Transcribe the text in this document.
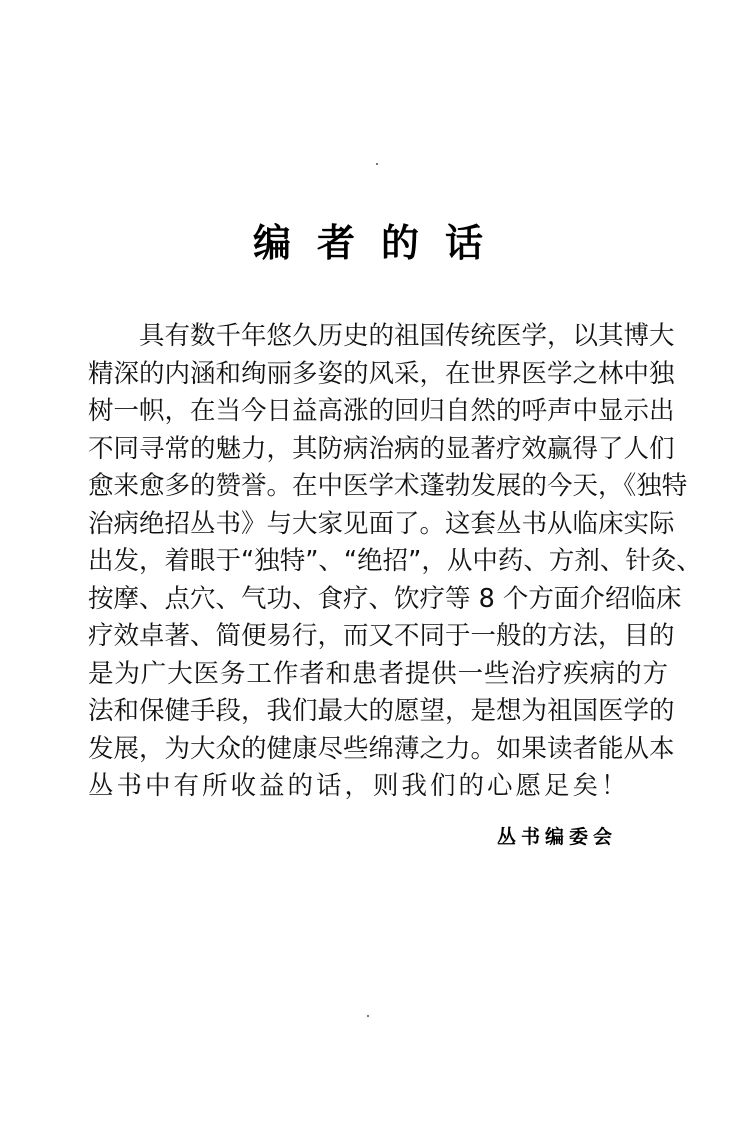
编者的话
具有数千年悠久历史的祖国传统医学，以其博大
精深的内涵和绚丽多姿的风采，在世界医学之林中独
树一帜，在当今日益高涨的回归自然的呼声中显示出
不同寻常的魅力，其防病治病的显著疗效赢得了人们
愈来愈多的赞誉。在中医学术蓬勃发展的今天，《独特
治病绝招丛书》与大家见面了。这套丛书从临床实际
出发，着眼于“独特”、“绝招”，从中药、方剂、针灸、
按摩、点穴、气功、食疗、饮疗等 8 个方面介绍临床
疗效卓著、简便易行，而又不同于一般的方法，目的
是为广大医务工作者和患者提供一些治疗疾病的方
法和保健手段，我们最大的愿望，是想为祖国医学的
发展，为大众的健康尽些绵薄之力。如果读者能从本
丛书中有所收益的话，则我们的心愿足矣！
丛书编委会
